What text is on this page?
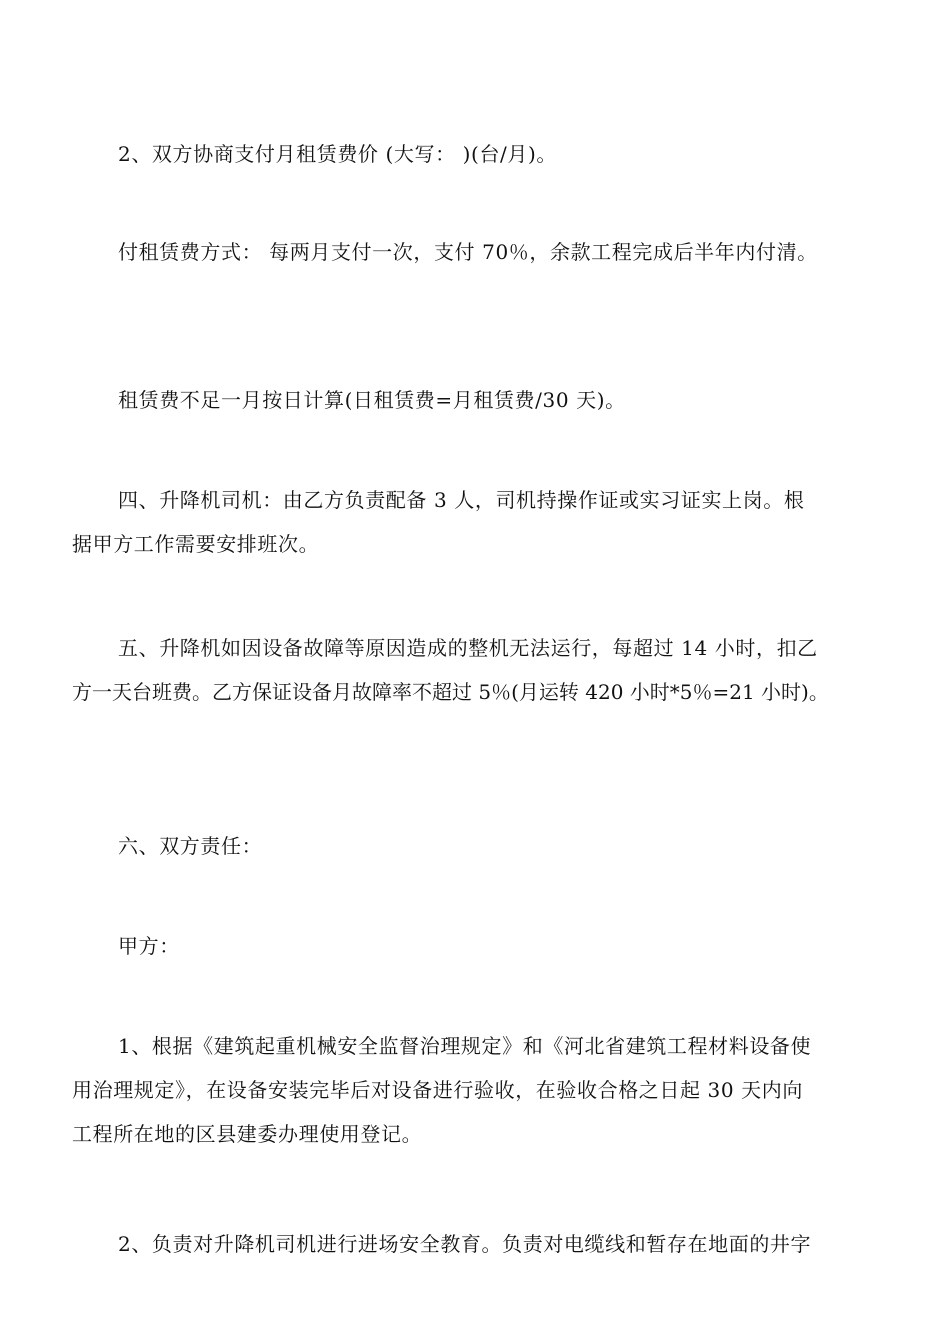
2、双方协商支付月租赁费价 (大写： )(台/月)。
付租赁费方式： 每两月支付一次，支付 70％，余款工程完成后半年内付清。
租赁费不足一月按日计算(日租赁费=月租赁费/30 天)。
四、升降机司机：由乙方负责配备 3 人，司机持操作证或实习证实上岗。根
据甲方工作需要安排班次。
五、升降机如因设备故障等原因造成的整机无法运行，每超过 14 小时，扣乙
方一天台班费。乙方保证设备月故障率不超过 5％(月运转 420 小时*5％=21 小时)。
六、双方责任：
甲方：
1、根据《建筑起重机械安全监督治理规定》和《河北省建筑工程材料设备使
用治理规定》，在设备安装完毕后对设备进行验收，在验收合格之日起 30 天内向
工程所在地的区县建委办理使用登记。
2、负责对升降机司机进行进场安全教育。负责对电缆线和暂存在地面的井字
